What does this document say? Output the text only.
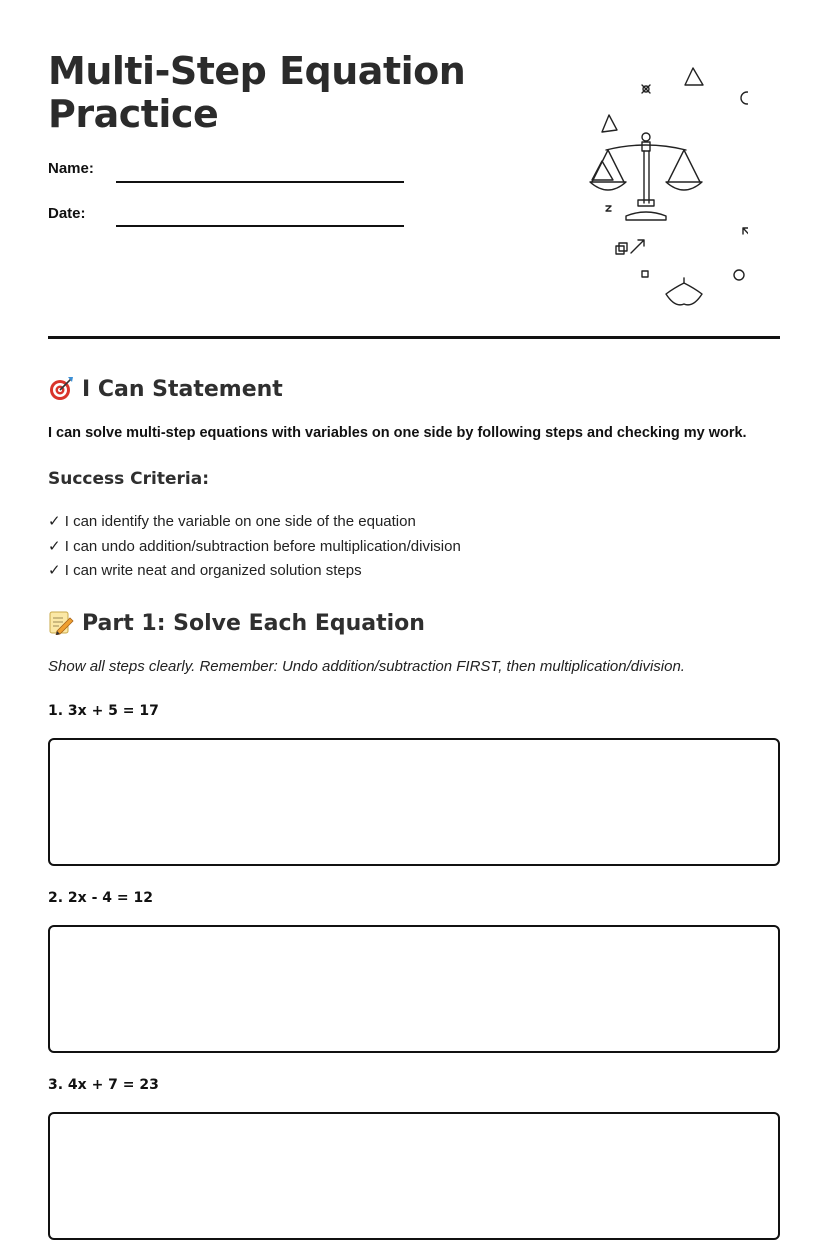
Multi-Step Equation Practice
Name:
Date:
I Can Statement
I can solve multi-step equations with variables on one side by following steps and checking my work.
Success Criteria:
✓ I can identify the variable on one side of the equation
✓ I can undo addition/subtraction before multiplication/division
✓ I can write neat and organized solution steps
Part 1: Solve Each Equation
Show all steps clearly. Remember: Undo addition/subtraction FIRST, then multiplication/division.
1. 3x + 5 = 17
2. 2x - 4 = 12
3. 4x + 7 = 23
